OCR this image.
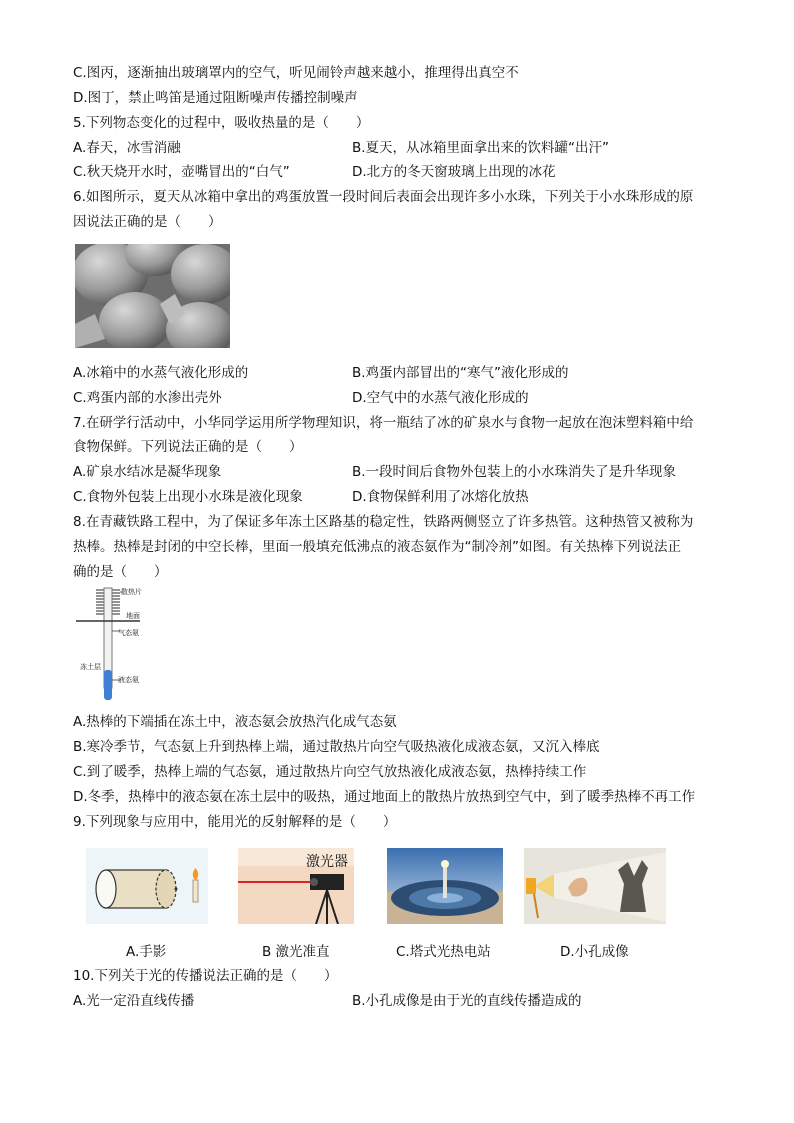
C.图丙，逐渐抽出玻璃罩内的空气，听见闹铃声越来越小，推理得出真空不
D.图丁，禁止鸣笛是通过阻断噪声传播控制噪声
5.下列物态变化的过程中，吸收热量的是（　　）
A.春天，冰雪消融	B.夏天，从冰箱里面拿出来的饮料罐“出汗”
C.秋天烧开水时，壶嘴冒出的“白气”	D.北方的冬天窗玻璃上出现的冰花
6.如图所示，夏天从冰箱中拿出的鸡蛋放置一段时间后表面会出现许多小水珠，下列关于小水珠形成的原
因说法正确的是（　　）
A.冰箱中的水蒸气液化形成的	B.鸡蛋内部冒出的“寒气”液化形成的
C.鸡蛋内部的水渗出壳外	D.空气中的水蒸气液化形成的
7.在研学行活动中，小华同学运用所学物理知识，将一瓶结了冰的矿泉水与食物一起放在泡沫塑料箱中给
食物保鲜。下列说法正确的是（　　）
A.矿泉水结冰是凝华现象	B.一段时间后食物外包装上的小水珠消失了是升华现象
C.食物外包装上出现小水珠是液化现象	D.食物保鲜利用了冰熔化放热
8.在青藏铁路工程中，为了保证多年冻土区路基的稳定性，铁路两侧竖立了许多热管。这种热管又被称为
热棒。热棒是封闭的中空长棒，里面一般填充低沸点的液态氨作为“制冷剂”如图。有关热棒下列说法正
确的是（　　）
散热片
地面
气态氨
冻土层
液态氨
A.热棒的下端插在冻土中，液态氨会放热汽化成气态氨
B.寒冷季节，气态氨上升到热棒上端，通过散热片向空气吸热液化成液态氨，又沉入棒底
C.到了暖季，热棒上端的气态氨，通过散热片向空气放热液化成液态氨，热棒持续工作
D.冬季，热棒中的液态氨在冻土层中的吸热，通过地面上的散热片放热到空气中，到了暖季热棒不再工作
9.下列现象与应用中，能用光的反射解释的是（　　）
激光器
A.手影	B 激光准直	C.塔式光热电站	D.小孔成像
10.下列关于光的传播说法正确的是（　　）
A.光一定沿直线传播	B.小孔成像是由于光的直线传播造成的
